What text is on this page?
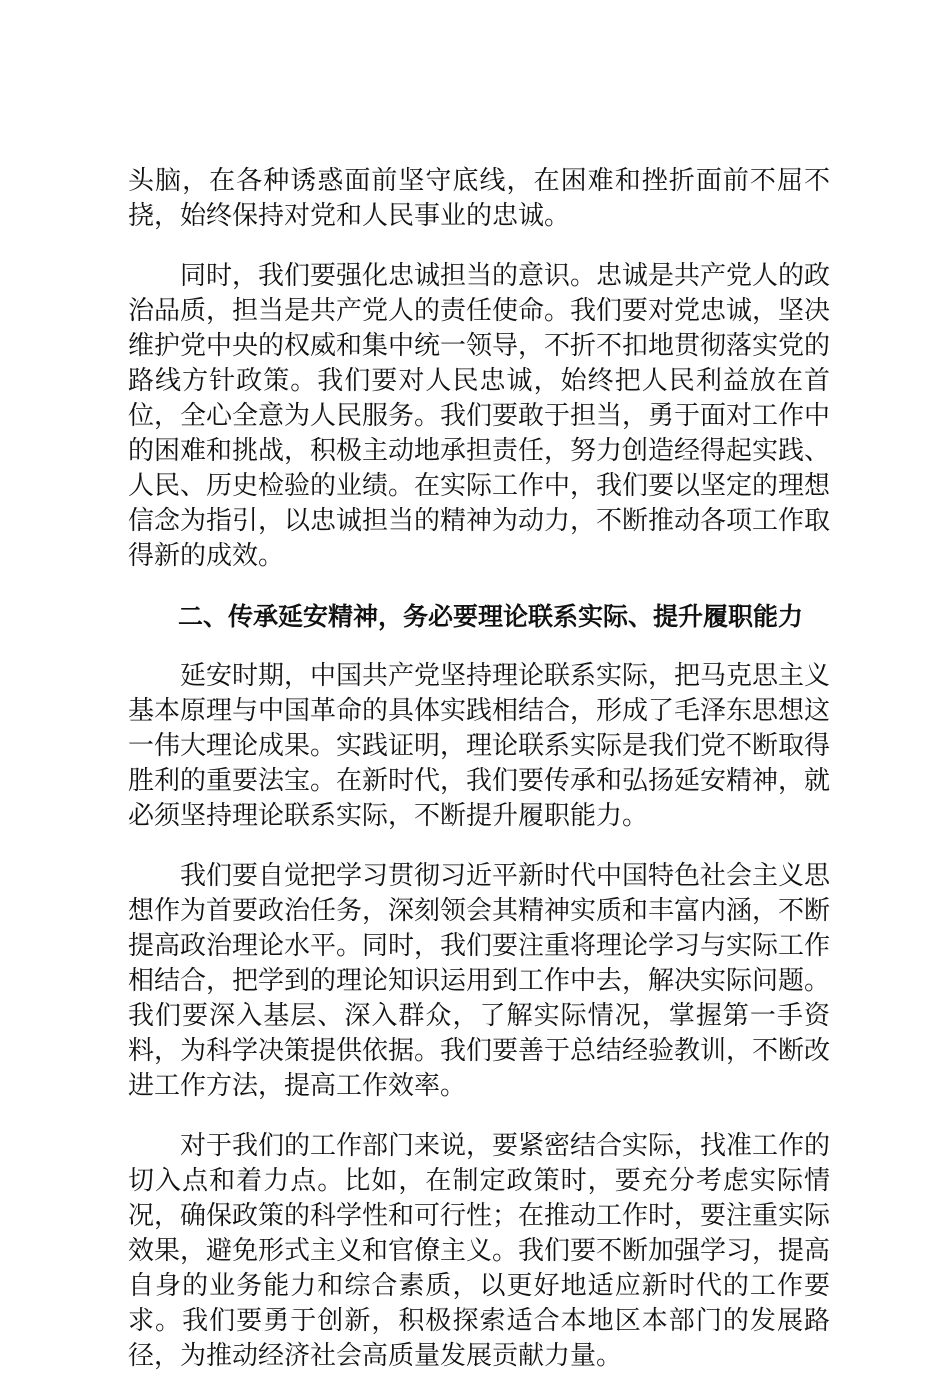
头脑，在各种诱惑面前坚守底线，在困难和挫折面前不屈不挠，始终保持对党和人民事业的忠诚。

同时，我们要强化忠诚担当的意识。忠诚是共产党人的政治品质，担当是共产党人的责任使命。我们要对党忠诚，坚决维护党中央的权威和集中统一领导，不折不扣地贯彻落实党的路线方针政策。我们要对人民忠诚，始终把人民利益放在首位，全心全意为人民服务。我们要敢于担当，勇于面对工作中的困难和挑战，积极主动地承担责任，努力创造经得起实践、人民、历史检验的业绩。在实际工作中，我们要以坚定的理想信念为指引，以忠诚担当的精神为动力，不断推动各项工作取得新的成效。

二、传承延安精神，务必要理论联系实际、提升履职能力

延安时期，中国共产党坚持理论联系实际，把马克思主义基本原理与中国革命的具体实践相结合，形成了毛泽东思想这一伟大理论成果。实践证明，理论联系实际是我们党不断取得胜利的重要法宝。在新时代，我们要传承和弘扬延安精神，就必须坚持理论联系实际，不断提升履职能力。

我们要自觉把学习贯彻习近平新时代中国特色社会主义思想作为首要政治任务，深刻领会其精神实质和丰富内涵，不断提高政治理论水平。同时，我们要注重将理论学习与实际工作相结合，把学到的理论知识运用到工作中去，解决实际问题。我们要深入基层、深入群众，了解实际情况，掌握第一手资料，为科学决策提供依据。我们要善于总结经验教训，不断改进工作方法，提高工作效率。

对于我们的工作部门来说，要紧密结合实际，找准工作的切入点和着力点。比如，在制定政策时，要充分考虑实际情况，确保政策的科学性和可行性；在推动工作时，要注重实际效果，避免形式主义和官僚主义。我们要不断加强学习，提高自身的业务能力和综合素质，以更好地适应新时代的工作要求。我们要勇于创新，积极探索适合本地区本部门的发展路径，为推动经济社会高质量发展贡献力量。
